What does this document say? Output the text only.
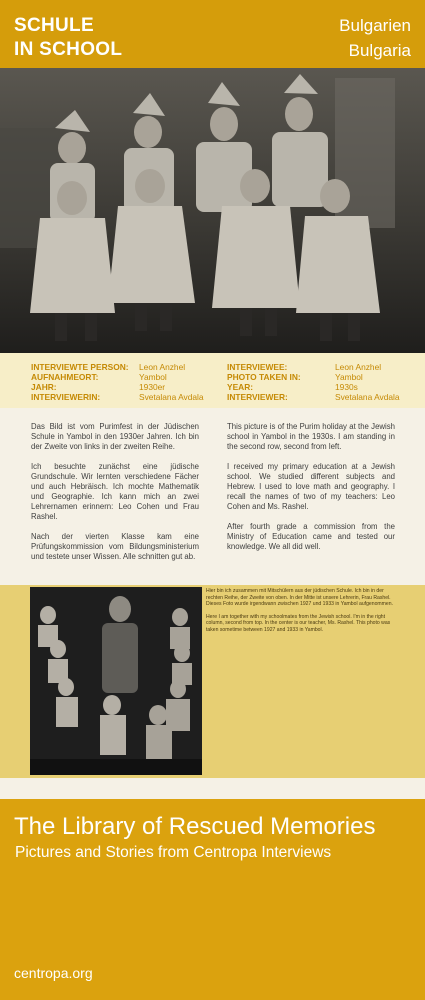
SCHULE
IN SCHOOL
Bulgarien
Bulgaria
INTERVIEWTE PERSON: Leon Anzhel
AUFNAHMEORT:	Yambol
JAHR:	1930er
INTERVIEWERIN:	Svetalana Avdala
INTERVIEWEE:	Leon Anzhel
PHOTO TAKEN IN:	Yambol
YEAR:	1930s
INTERVIEWER:	Svetalana Avdala

Das Bild ist vom Purimfest in der Jüdischen Schule in Yambol in den 1930er Jahren. Ich bin der Zweite von links in der zweiten Reihe.

Ich besuchte zunächst eine jüdische Grundschule. Wir lernten verschiedene Fächer und auch Hebräisch. Ich mochte Mathematik und Geographie. Ich kann mich an zwei Lehrernamen erinnern: Leo Cohen und Frau Rashel.

Nach der vierten Klasse kam eine Prüfungskommission vom Bildungsministerium und testete unser Wissen. Alle schnitten gut ab.

This picture is of the Purim holiday at the Jewish school in Yambol in the 1930s. I am standing in the second row, second from left.

I received my primary education at a Jewish school. We studied different subjects and Hebrew. I used to love math and geography. I recall the names of two of my teachers: Leo Cohen and Ms. Rashel.

After fourth grade a commission from the Ministry of Education came and tested our knowledge. We all did well.

Hier bin ich zusammen mit Mitschülern aus der jüdischen Schule. Ich bin in der rechten Reihe, der Zweite von oben. In der Mitte ist unsere Lehrerin, Frau Rashel. Dieses Foto wurde irgendwann zwischen 1927 und 1933 in Yambol aufgenommen.

Here I am together with my schoolmates from the Jewish school. I'm in the right column, second from top. In the center is our teacher, Ms. Rashel. This photo was taken sometime between 1927 and 1933 in Yambol.

The Library of Rescued Memories
Pictures and Stories from Centropa Interviews
centropa.org
